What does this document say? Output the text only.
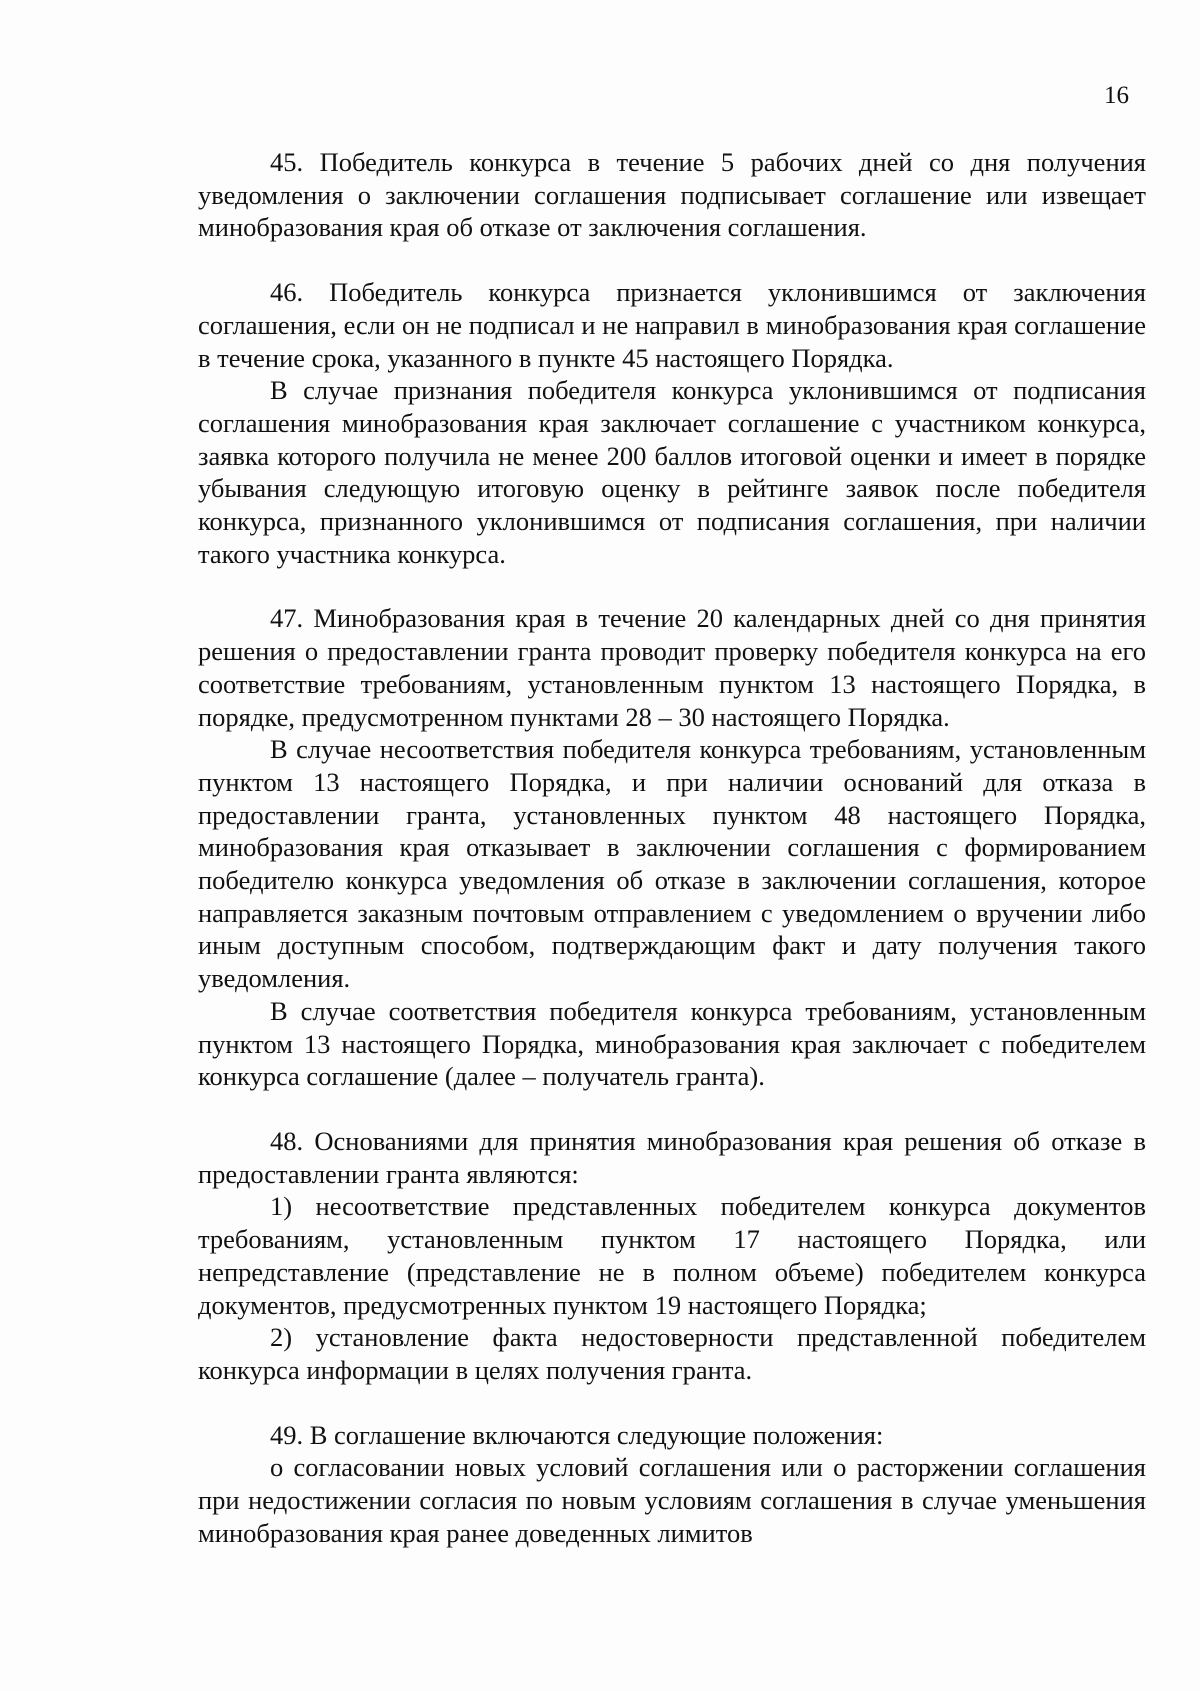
16

45. Победитель конкурса в течение 5 рабочих дней со дня получения уведомления о заключении соглашения подписывает соглашение или извещает минобразования края об отказе от заключения соглашения.

46. Победитель конкурса признается уклонившимся от заключения соглашения, если он не подписал и не направил в минобразования края соглашение в течение срока, указанного в пункте 45 настоящего Порядка.

В случае признания победителя конкурса уклонившимся от подписания соглашения минобразования края заключает соглашение с участником конкурса, заявка которого получила не менее 200 баллов итоговой оценки и имеет в порядке убывания следующую итоговую оценку в рейтинге заявок после победителя конкурса, признанного уклонившимся от подписания соглашения, при наличии такого участника конкурса.

47. Минобразования края в течение 20 календарных дней со дня принятия решения о предоставлении гранта проводит проверку победителя конкурса на его соответствие требованиям, установленным пунктом 13 настоящего Порядка, в порядке, предусмотренном пунктами 28 – 30 настоящего Порядка.

В случае несоответствия победителя конкурса требованиям, установленным пунктом 13 настоящего Порядка, и при наличии оснований для отказа в предоставлении гранта, установленных пунктом 48 настоящего Порядка, минобразования края отказывает в заключении соглашения с формированием победителю конкурса уведомления об отказе в заключении соглашения, которое направляется заказным почтовым отправлением с уведомлением о вручении либо иным доступным способом, подтверждающим факт и дату получения такого уведомления.

В случае соответствия победителя конкурса требованиям, установленным пунктом 13 настоящего Порядка, минобразования края заключает с победителем конкурса соглашение (далее – получатель гранта).

48. Основаниями для принятия минобразования края решения об отказе в предоставлении гранта являются:

1) несоответствие представленных победителем конкурса документов требованиям, установленным пунктом 17 настоящего Порядка, или непредставление (представление не в полном объеме) победителем конкурса документов, предусмотренных пунктом 19 настоящего Порядка;

2) установление факта недостоверности представленной победителем конкурса информации в целях получения гранта.

49. В соглашение включаются следующие положения:

о согласовании новых условий соглашения или о расторжении соглашения при недостижении согласия по новым условиям соглашения в случае уменьшения минобразования края ранее доведенных лимитов
